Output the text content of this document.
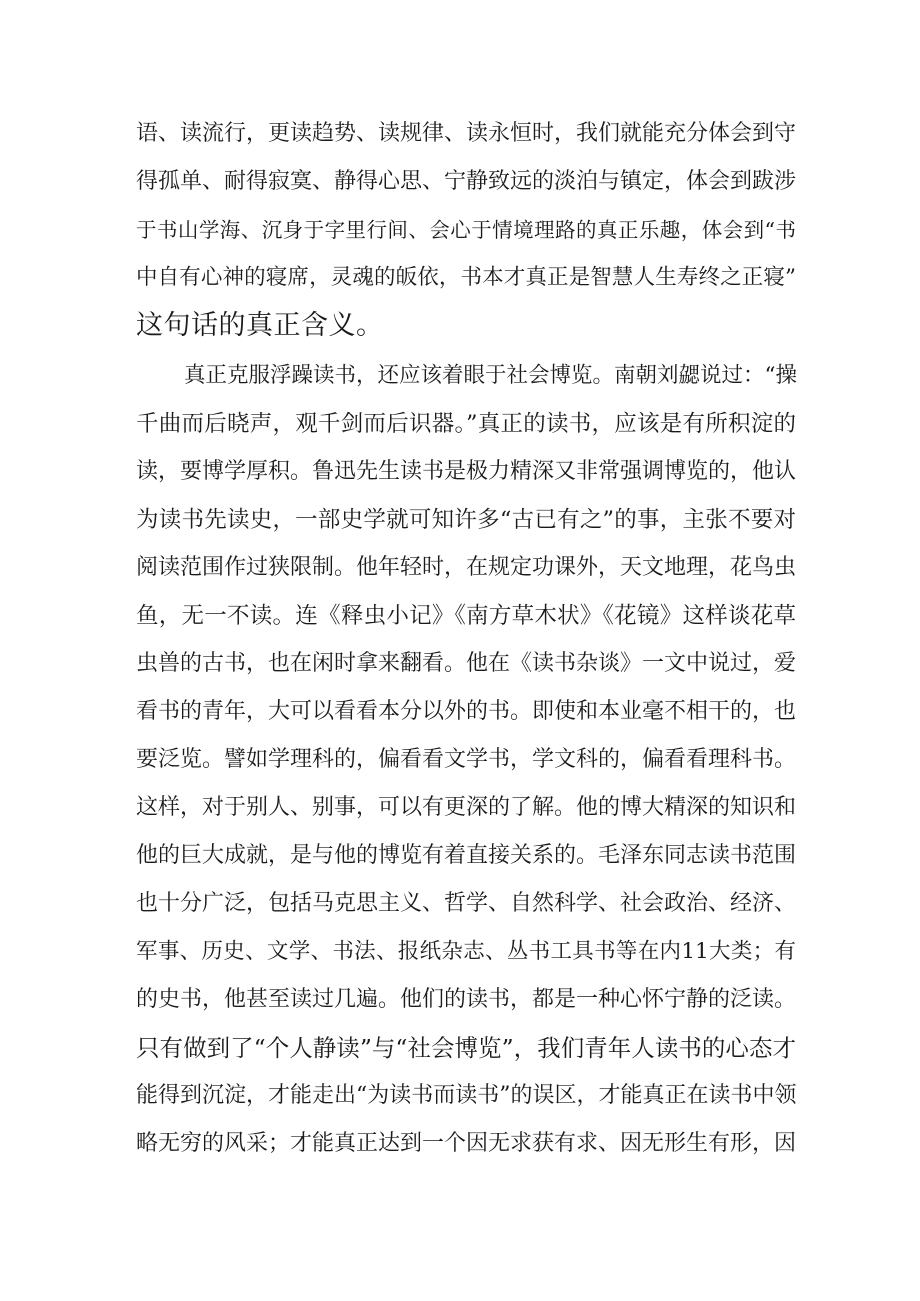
语、读流行，更读趋势、读规律、读永恒时，我们就能充分体会到守
得孤单、耐得寂寞、静得心思、宁静致远的淡泊与镇定，体会到跋涉
于书山学海、沉身于字里行间、会心于情境理路的真正乐趣，体会到“书
中自有心神的寝席，灵魂的皈依，书本才真正是智慧人生寿终之正寝”
这句话的真正含义。
真正克服浮躁读书，还应该着眼于社会博览。南朝刘勰说过：“操
千曲而后晓声，观千剑而后识器。”真正的读书，应该是有所积淀的
读，要博学厚积。鲁迅先生读书是极力精深又非常强调博览的，他认
为读书先读史，一部史学就可知许多“古已有之”的事，主张不要对
阅读范围作过狭限制。他年轻时，在规定功课外，天文地理，花鸟虫
鱼，无一不读。连《释虫小记》《南方草木状》《花镜》这样谈花草
虫兽的古书，也在闲时拿来翻看。他在《读书杂谈》一文中说过，爱
看书的青年，大可以看看本分以外的书。即使和本业毫不相干的，也
要泛览。譬如学理科的，偏看看文学书，学文科的，偏看看理科书。
这样，对于别人、别事，可以有更深的了解。他的博大精深的知识和
他的巨大成就，是与他的博览有着直接关系的。毛泽东同志读书范围
也十分广泛，包括马克思主义、哲学、自然科学、社会政治、经济、
军事、历史、文学、书法、报纸杂志、丛书工具书等在内11大类；有
的史书，他甚至读过几遍。他们的读书，都是一种心怀宁静的泛读。
只有做到了“个人静读”与“社会博览”，我们青年人读书的心态才
能得到沉淀，才能走出“为读书而读书”的误区，才能真正在读书中领
略无穷的风采；才能真正达到一个因无求获有求、因无形生有形，因
